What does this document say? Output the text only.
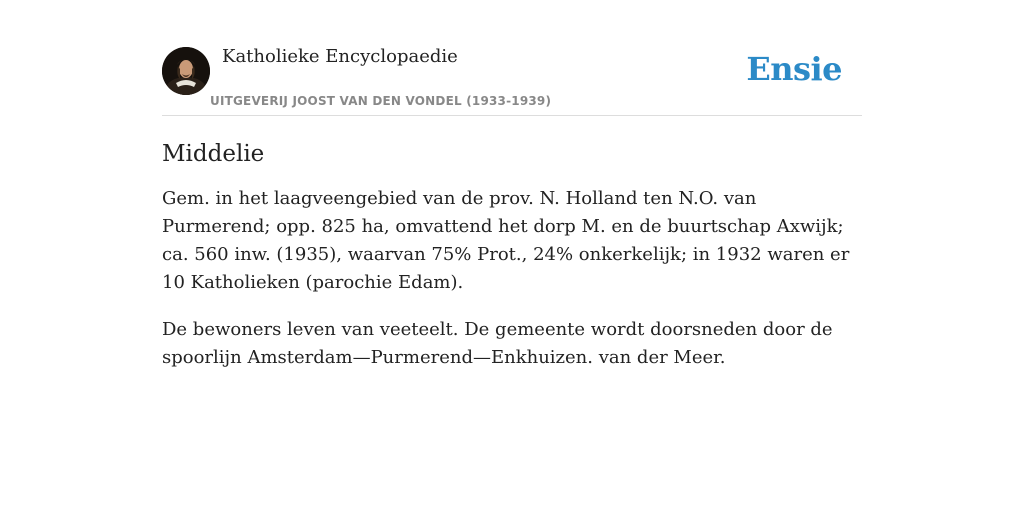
Katholieke Encyclopaedie
UITGEVERIJ JOOST VAN DEN VONDEL (1933-1939)
Ensie
Middelie

Gem. in het laagveengebied van de prov. N. Holland ten N.O. van Purmerend; opp. 825 ha, omvattend het dorp M. en de buurtschap Axwijk; ca. 560 inw. (1935), waarvan 75% Prot., 24% onkerkelijk; in 1932 waren er 10 Katholieken (parochie Edam).

De bewoners leven van veeteelt. De gemeente wordt doorsneden door de spoorlijn Amsterdam—Purmerend—Enkhuizen. van der Meer.
